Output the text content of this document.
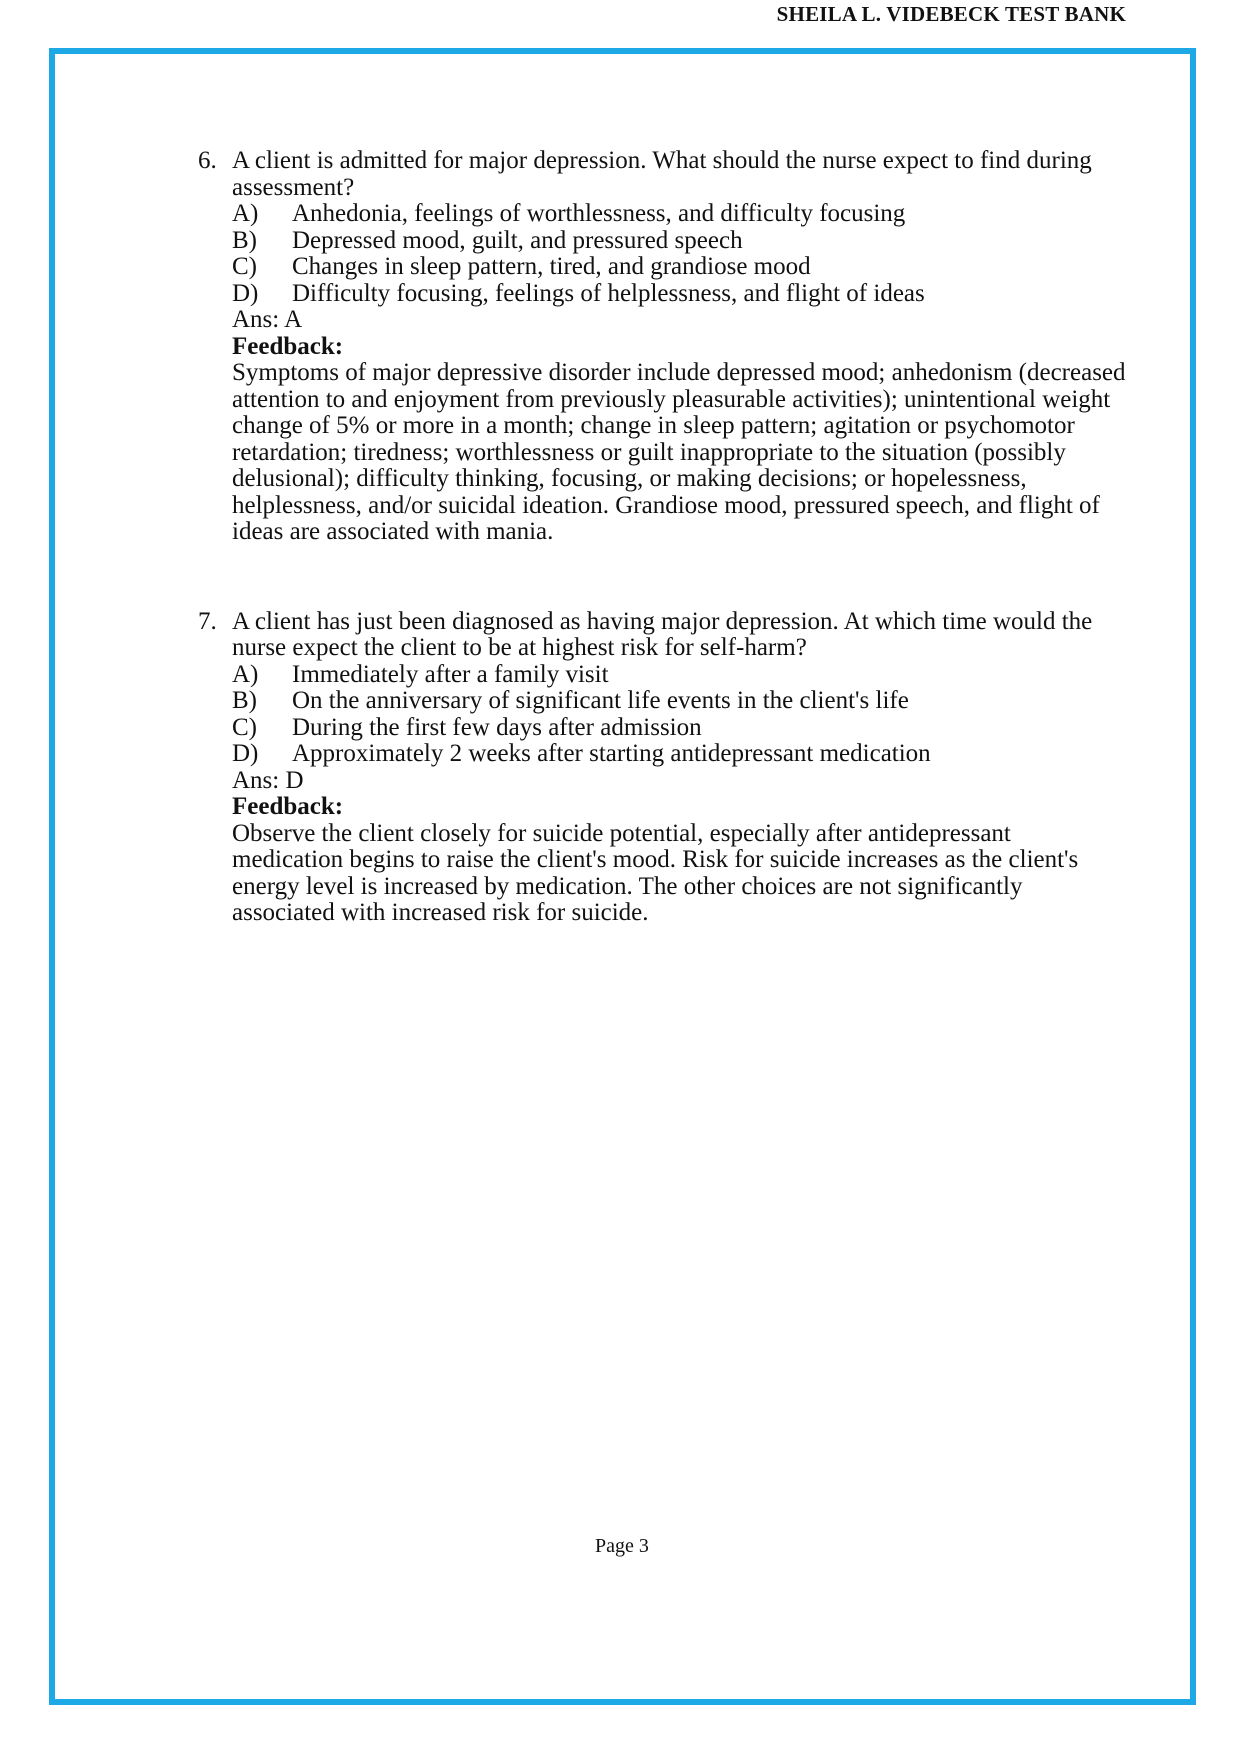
SHEILA L. VIDEBECK TEST BANK
6. A client is admitted for major depression. What should the nurse expect to find during assessment?

A)	Anhedonia, feelings of worthlessness, and difficulty focusing
B)	Depressed mood, guilt, and pressured speech
C)	Changes in sleep pattern, tired, and grandiose mood
D)	Difficulty focusing, feelings of helplessness, and flight of ideas

Ans: A

Feedback:

Symptoms of major depressive disorder include depressed mood; anhedonism (decreased attention to and enjoyment from previously pleasurable activities); unintentional weight change of 5% or more in a month; change in sleep pattern; agitation or psychomotor retardation; tiredness; worthlessness or guilt inappropriate to the situation (possibly delusional); difficulty thinking, focusing, or making decisions; or hopelessness, helplessness, and/or suicidal ideation. Grandiose mood, pressured speech, and flight of ideas are associated with mania.

7. A client has just been diagnosed as having major depression. At which time would the nurse expect the client to be at highest risk for self-harm?

A)	Immediately after a family visit
B)	On the anniversary of significant life events in the client's life
C)	During the first few days after admission
D)	Approximately 2 weeks after starting antidepressant medication

Ans: D

Feedback:

Observe the client closely for suicide potential, especially after antidepressant medication begins to raise the client's mood. Risk for suicide increases as the client's energy level is increased by medication. The other choices are not significantly associated with increased risk for suicide.

Page 3
